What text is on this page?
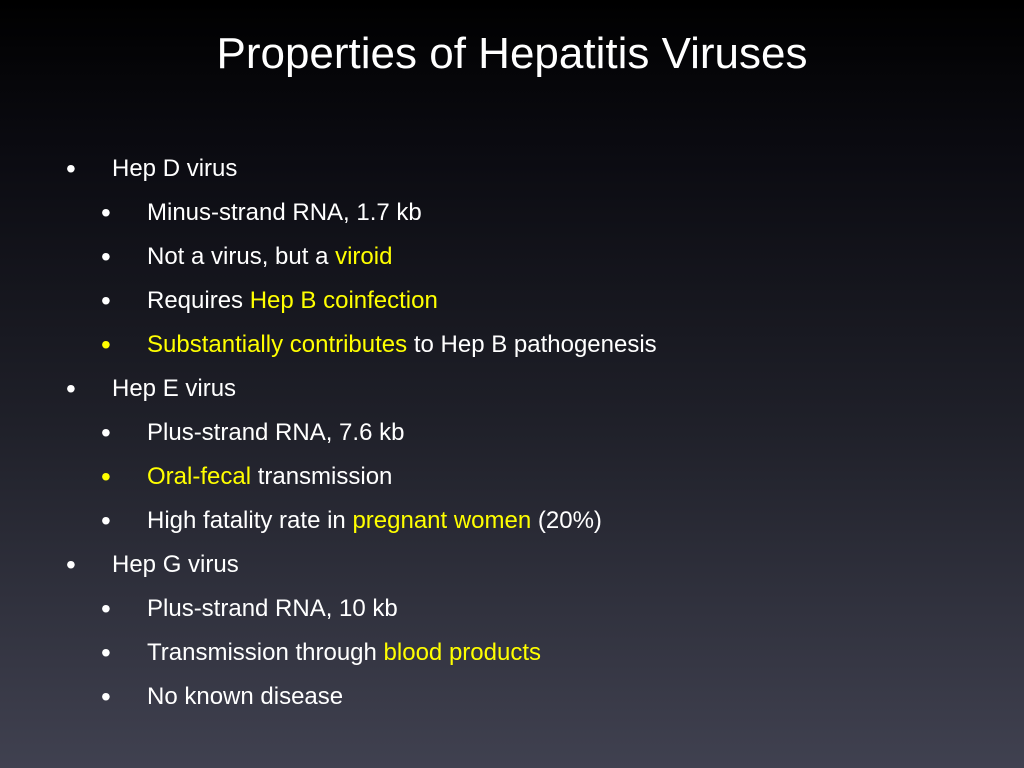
Properties of Hepatitis Viruses
• Hep D virus
• Minus-strand RNA, 1.7 kb
• Not a virus, but a viroid
• Requires Hep B coinfection
• Substantially contributes to Hep B pathogenesis
• Hep E virus
• Plus-strand RNA, 7.6 kb
• Oral-fecal transmission
• High fatality rate in pregnant women (20%)
• Hep G virus
• Plus-strand RNA, 10 kb
• Transmission through blood products
• No known disease
